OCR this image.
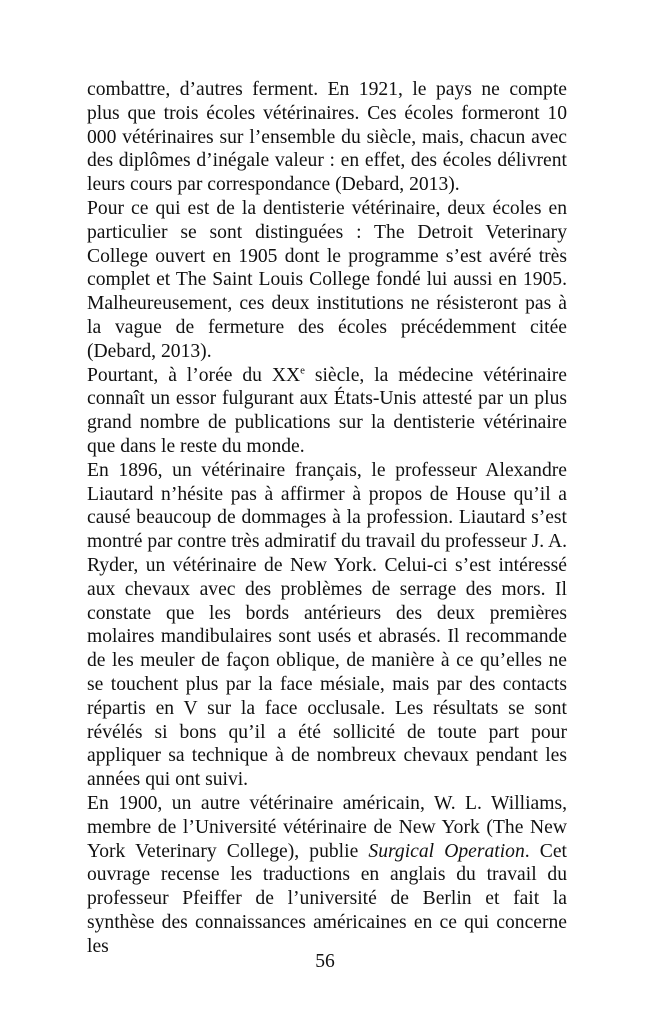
combattre, d’autres ferment. En 1921, le pays ne compte plus que trois écoles vétérinaires. Ces écoles formeront 10 000 vétérinaires sur l’ensemble du siècle, mais, chacun avec des diplômes d’inégale valeur : en effet, des écoles délivrent leurs cours par correspondance (Debard, 2013).

Pour ce qui est de la dentisterie vétérinaire, deux écoles en particulier se sont distinguées : The Detroit Veterinary College ouvert en 1905 dont le programme s’est avéré très complet et The Saint Louis College fondé lui aussi en 1905. Malheureusement, ces deux institutions ne résisteront pas à la vague de fermeture des écoles précédemment citée (Debard, 2013).

Pourtant, à l’orée du XXe siècle, la médecine vétérinaire connaît un essor fulgurant aux États-Unis attesté par un plus grand nombre de publications sur la dentisterie vétérinaire que dans le reste du monde.

En 1896, un vétérinaire français, le professeur Alexandre Liautard n’hésite pas à affirmer à propos de House qu’il a causé beaucoup de dommages à la profession. Liautard s’est montré par contre très admiratif du travail du professeur J. A. Ryder, un vétérinaire de New York. Celui-ci s’est intéressé aux chevaux avec des problèmes de serrage des mors. Il constate que les bords antérieurs des deux premières molaires mandibulaires sont usés et abrasés. Il recommande de les meuler de façon oblique, de manière à ce qu’elles ne se touchent plus par la face mésiale, mais par des contacts répartis en V sur la face occlusale. Les résultats se sont révélés si bons qu’il a été sollicité de toute part pour appliquer sa technique à de nombreux chevaux pendant les années qui ont suivi.

En 1900, un autre vétérinaire américain, W. L. Williams, membre de l’Université vétérinaire de New York (The New York Veterinary College), publie Surgical Operation. Cet ouvrage recense les traductions en anglais du travail du professeur Pfeiffer de l’université de Berlin et fait la synthèse des connaissances américaines en ce qui concerne les

56
